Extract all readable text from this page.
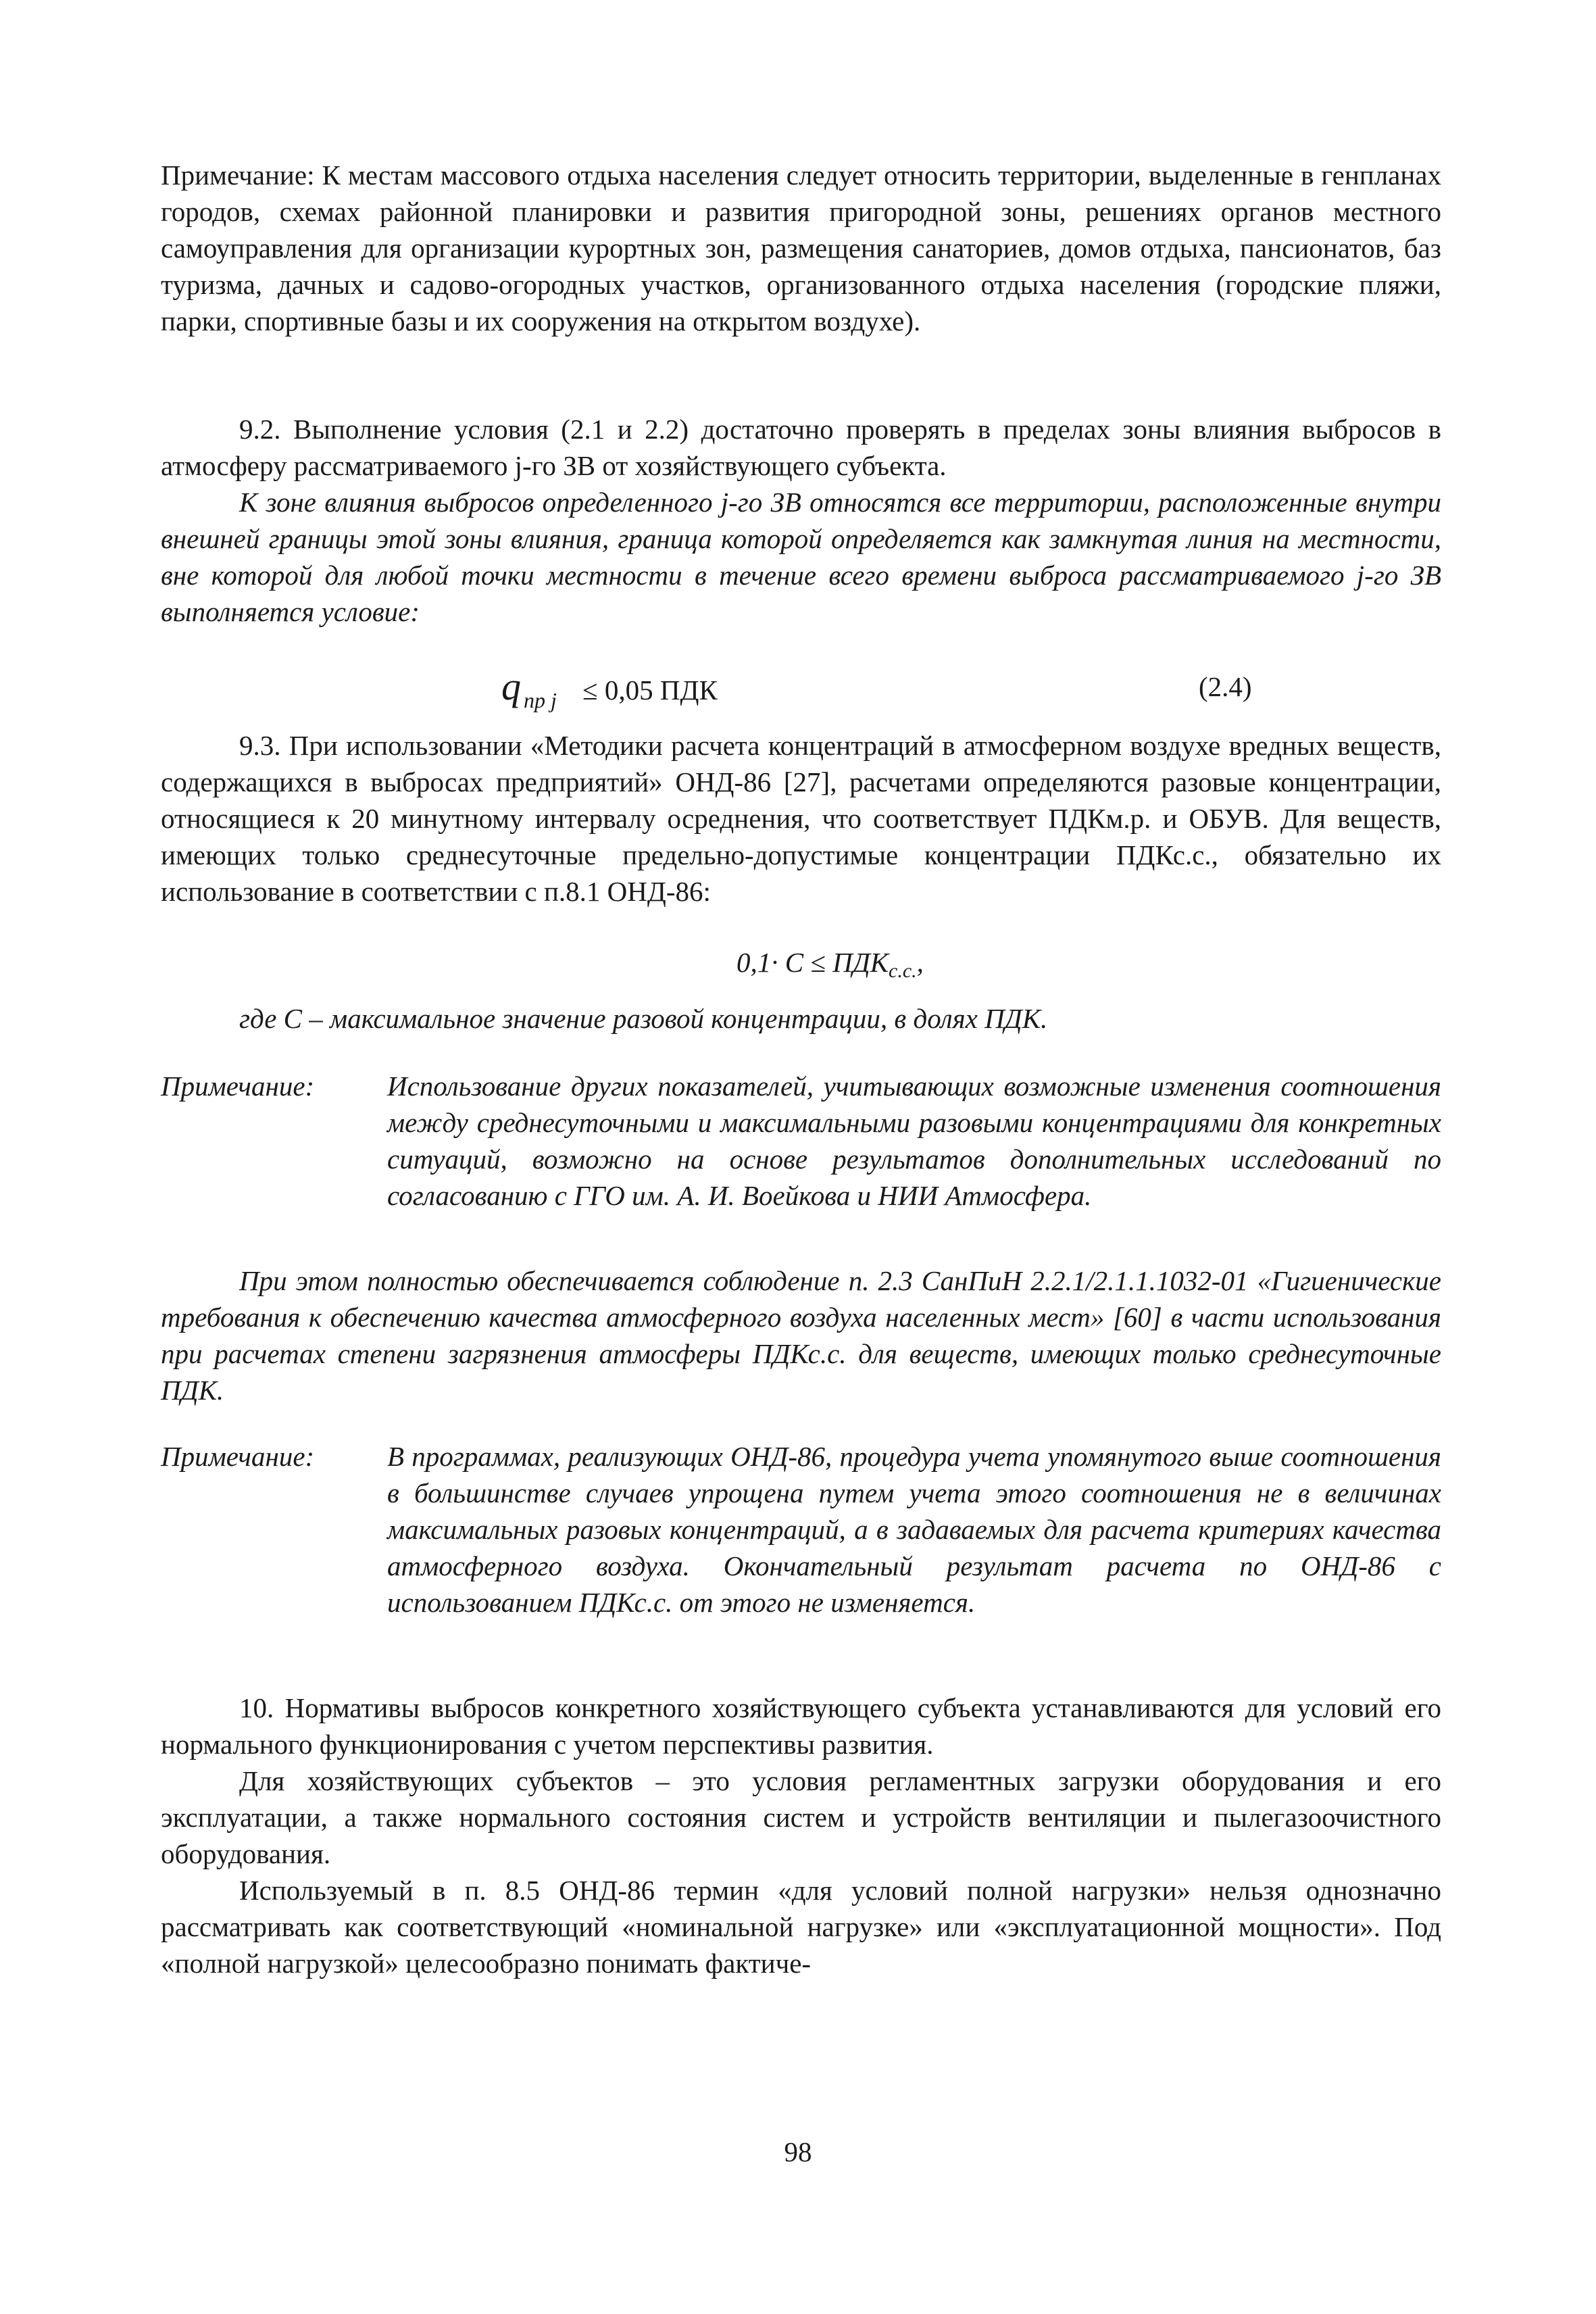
Примечание: К местам массового отдыха населения следует относить территории, выделенные в генпланах городов, схемах районной планировки и развития пригородной зоны, решениях органов местного самоуправления для организации курортных зон, размещения санаториев, домов отдыха, пансионатов, баз туризма, дачных и садово-огородных участков, организованного отдыха населения (городские пляжи, парки, спортивные базы и их сооружения на открытом воздухе).

9.2. Выполнение условия (2.1 и 2.2) достаточно проверять в пределах зоны влияния выбросов в атмосферу рассматриваемого j-го ЗВ от хозяйствующего субъекта.

К зоне влияния выбросов определенного j-го ЗВ относятся все территории, расположенные внутри внешней границы этой зоны влияния, граница которой определяется как замкнутая линия на местности, вне которой для любой точки местности в течение всего времени выброса рассматриваемого j-го ЗВ выполняется условие:

q $_{пр j}$ ≤ 0,05 ПДК	(2.4)

9.3. При использовании «Методики расчета концентраций в атмосферном воздухе вредных веществ, содержащихся в выбросах предприятий» ОНД-86 [27], расчетами определяются разовые концентрации, относящиеся к 20 минутному интервалу осреднения, что соответствует ПДКм.р. и ОБУВ. Для веществ, имеющих только среднесуточные предельно-допустимые концентрации ПДКс.с., обязательно их использование в соответствии с п.8.1 ОНД-86:

0,1· С ≤ ПДКс.с.,

где С – максимальное значение разовой концентрации, в долях ПДК.

Примечание:	Использование других показателей, учитывающих возможные изменения соотношения между среднесуточными и максимальными разовыми концентрациями для конкретных ситуаций, возможно на основе результатов дополнительных исследований по согласованию с ГГО им. А. И. Воейкова и НИИ Атмосфера.

При этом полностью обеспечивается соблюдение п. 2.3 СанПиН 2.2.1/2.1.1.1032-01 «Гигиенические требования к обеспечению качества атмосферного воздуха населенных мест» [60] в части использования при расчетах степени загрязнения атмосферы ПДКс.с. для веществ, имеющих только среднесуточные ПДК.

Примечание:	В программах, реализующих ОНД-86, процедура учета упомянутого выше соотношения в большинстве случаев упрощена путем учета этого соотношения не в величинах максимальных разовых концентраций, а в задаваемых для расчета критериях качества атмосферного воздуха. Окончательный результат расчета по ОНД-86 с использованием ПДКс.с. от этого не изменяется.

10. Нормативы выбросов конкретного хозяйствующего субъекта устанавливаются для условий его нормального функционирования с учетом перспективы развития.

Для хозяйствующих субъектов – это условия регламентных загрузки оборудования и его эксплуатации, а также нормального состояния систем и устройств вентиляции и пылегазоочистного оборудования.

Используемый в п. 8.5 ОНД-86 термин «для условий полной нагрузки» нельзя однозначно рассматривать как соответствующий «номинальной нагрузке» или «эксплуатационной мощности». Под «полной нагрузкой» целесообразно понимать фактиче-

98
